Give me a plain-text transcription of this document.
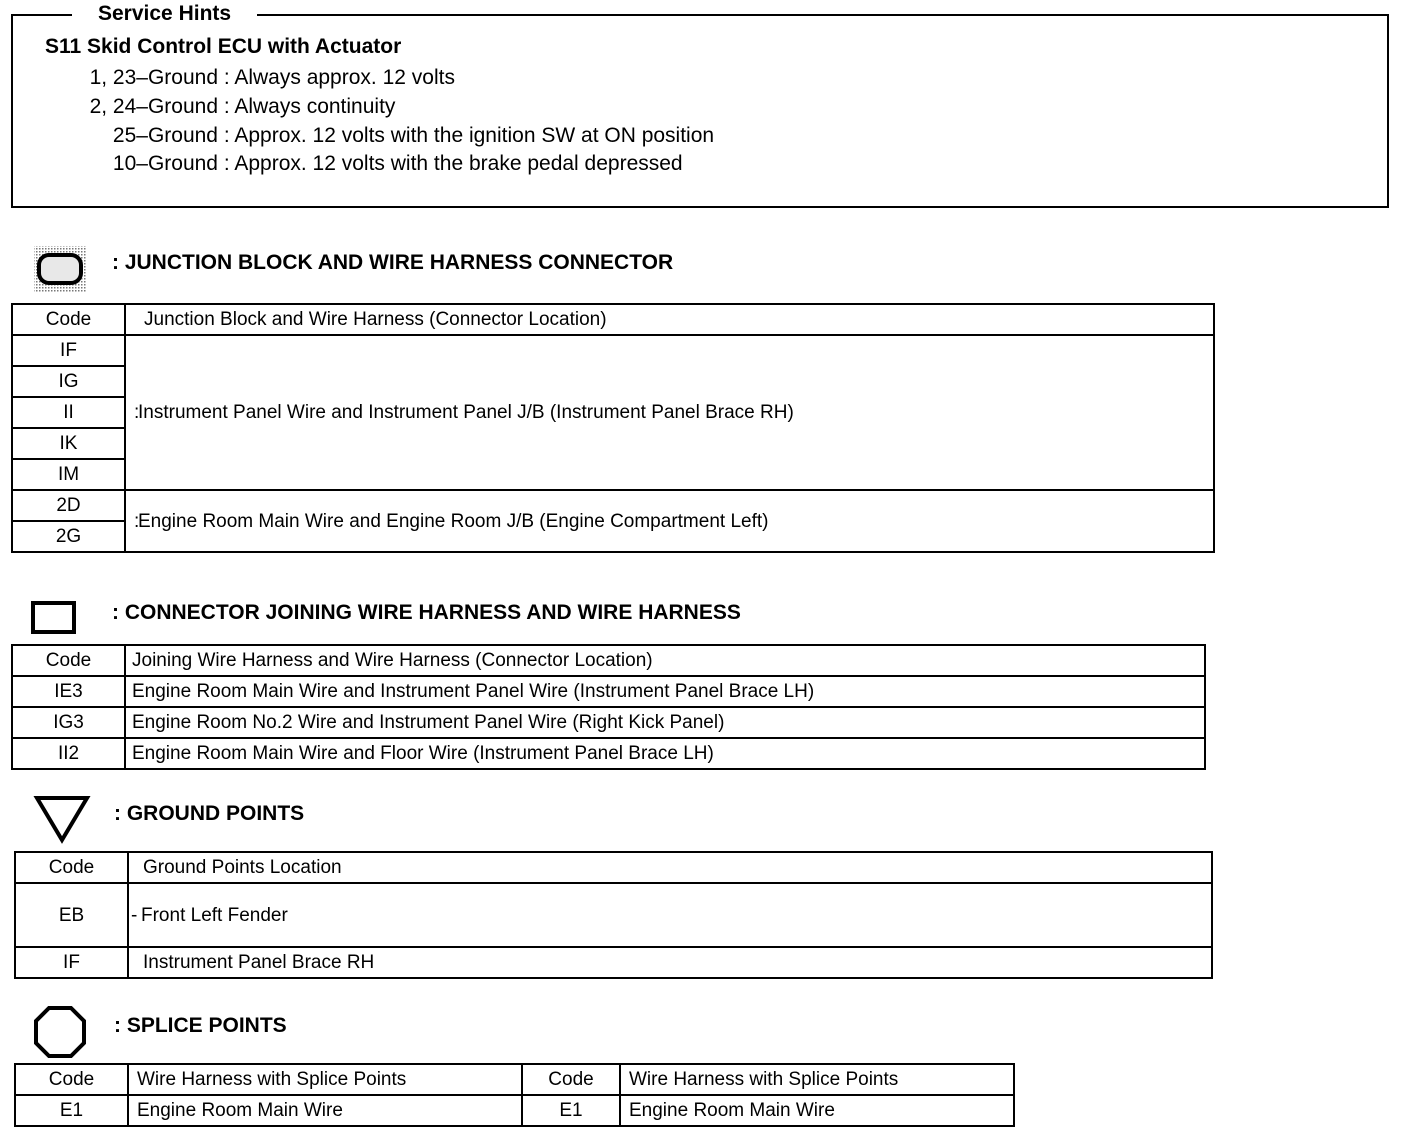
Service Hints
S11 Skid Control ECU with Actuator
1, 23–Ground : Always approx. 12 volts
2, 24–Ground : Always continuity
25–Ground : Approx. 12 volts with the ignition SW at ON position
10–Ground : Approx. 12 volts with the brake pedal depressed
: JUNCTION BLOCK AND WIRE HARNESS CONNECTOR
Code	Junction Block and Wire Harness (Connector Location)
IF	:Instrument Panel Wire and Instrument Panel J/B (Instrument Panel Brace RH)
IG	
II	
IK	
IM	
2D	:Engine Room Main Wire and Engine Room J/B (Engine Compartment Left)
2G	
: CONNECTOR JOINING WIRE HARNESS AND WIRE HARNESS
Code	Joining Wire Harness and Wire Harness (Connector Location)
IE3	Engine Room Main Wire and Instrument Panel Wire (Instrument Panel Brace LH)
IG3	Engine Room No.2 Wire and Instrument Panel Wire (Right Kick Panel)
II2	Engine Room Main Wire and Floor Wire (Instrument Panel Brace LH)
: GROUND POINTS
Code	Ground Points Location
EB	- Front Left Fender
IF	Instrument Panel Brace RH
: SPLICE POINTS
Code	Wire Harness with Splice Points	Code	Wire Harness with Splice Points
E1	Engine Room Main Wire	E1	Engine Room Main Wire
